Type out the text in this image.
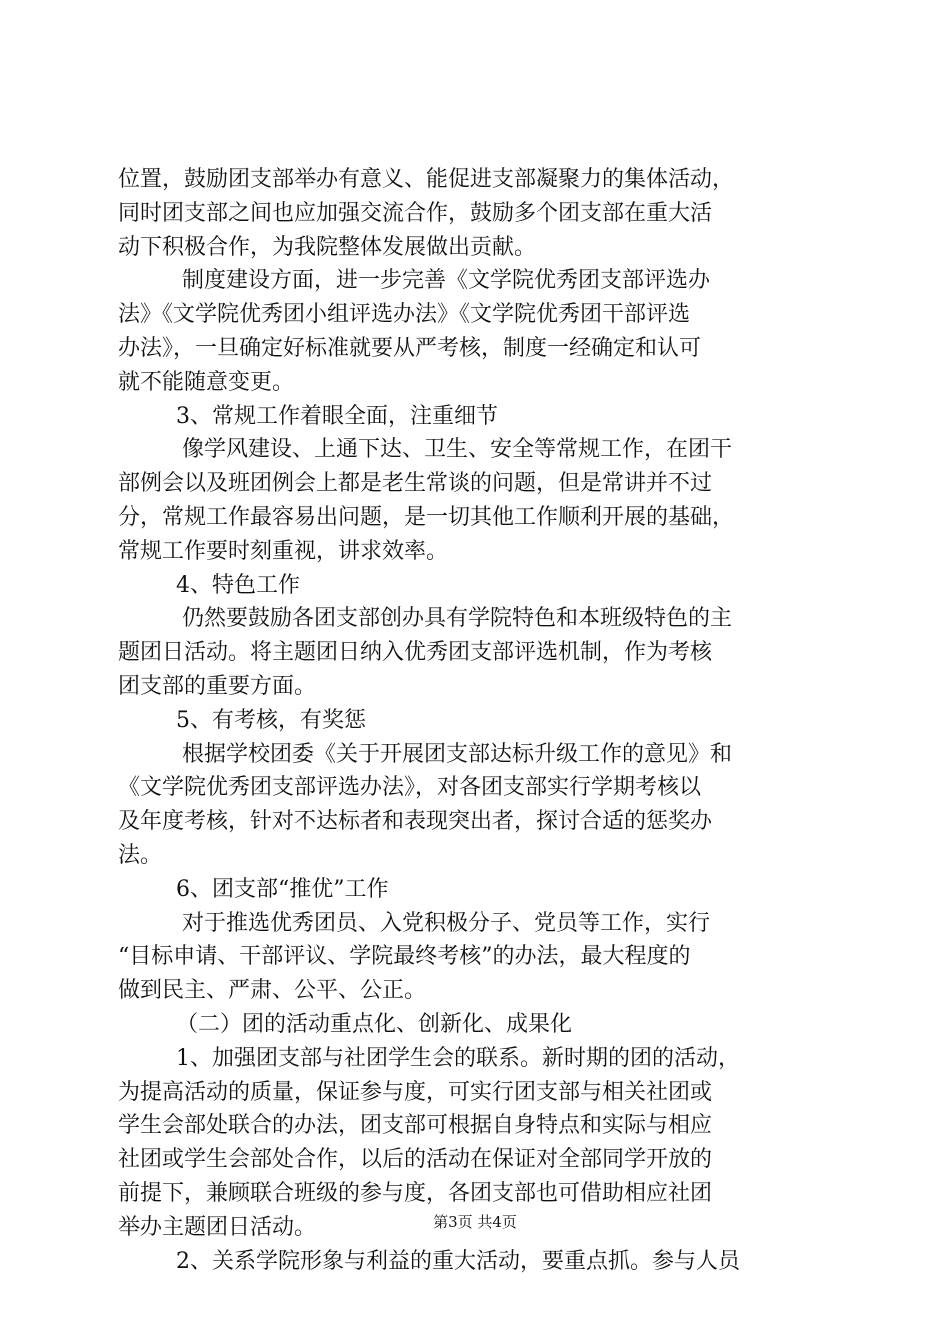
位置，鼓励团支部举办有意义、能促进支部凝聚力的集体活动，
同时团支部之间也应加强交流合作，鼓励多个团支部在重大活
动下积极合作，为我院整体发展做出贡献。
制度建设方面，进一步完善《文学院优秀团支部评选办
法》《文学院优秀团小组评选办法》《文学院优秀团干部评选
办法》，一旦确定好标准就要从严考核，制度一经确定和认可
就不能随意变更。
3、常规工作着眼全面，注重细节
像学风建设、上通下达、卫生、安全等常规工作，在团干
部例会以及班团例会上都是老生常谈的问题，但是常讲并不过
分，常规工作最容易出问题，是一切其他工作顺利开展的基础，
常规工作要时刻重视，讲求效率。
4、特色工作
仍然要鼓励各团支部创办具有学院特色和本班级特色的主
题团日活动。将主题团日纳入优秀团支部评选机制，作为考核
团支部的重要方面。
5、有考核，有奖惩
根据学校团委《关于开展团支部达标升级工作的意见》和
《文学院优秀团支部评选办法》，对各团支部实行学期考核以
及年度考核，针对不达标者和表现突出者，探讨合适的惩奖办
法。
6、团支部“推优”工作
对于推选优秀团员、入党积极分子、党员等工作，实行
“目标申请、干部评议、学院最终考核”的办法，最大程度的
做到民主、严肃、公平、公正。
（二）团的活动重点化、创新化、成果化
1、加强团支部与社团学生会的联系。新时期的团的活动，
为提高活动的质量，保证参与度，可实行团支部与相关社团或
学生会部处联合的办法，团支部可根据自身特点和实际与相应
社团或学生会部处合作，以后的活动在保证对全部同学开放的
前提下，兼顾联合班级的参与度，各团支部也可借助相应社团
举办主题团日活动。
2、关系学院形象与利益的重大活动，要重点抓。参与人员
第3页 共4页
